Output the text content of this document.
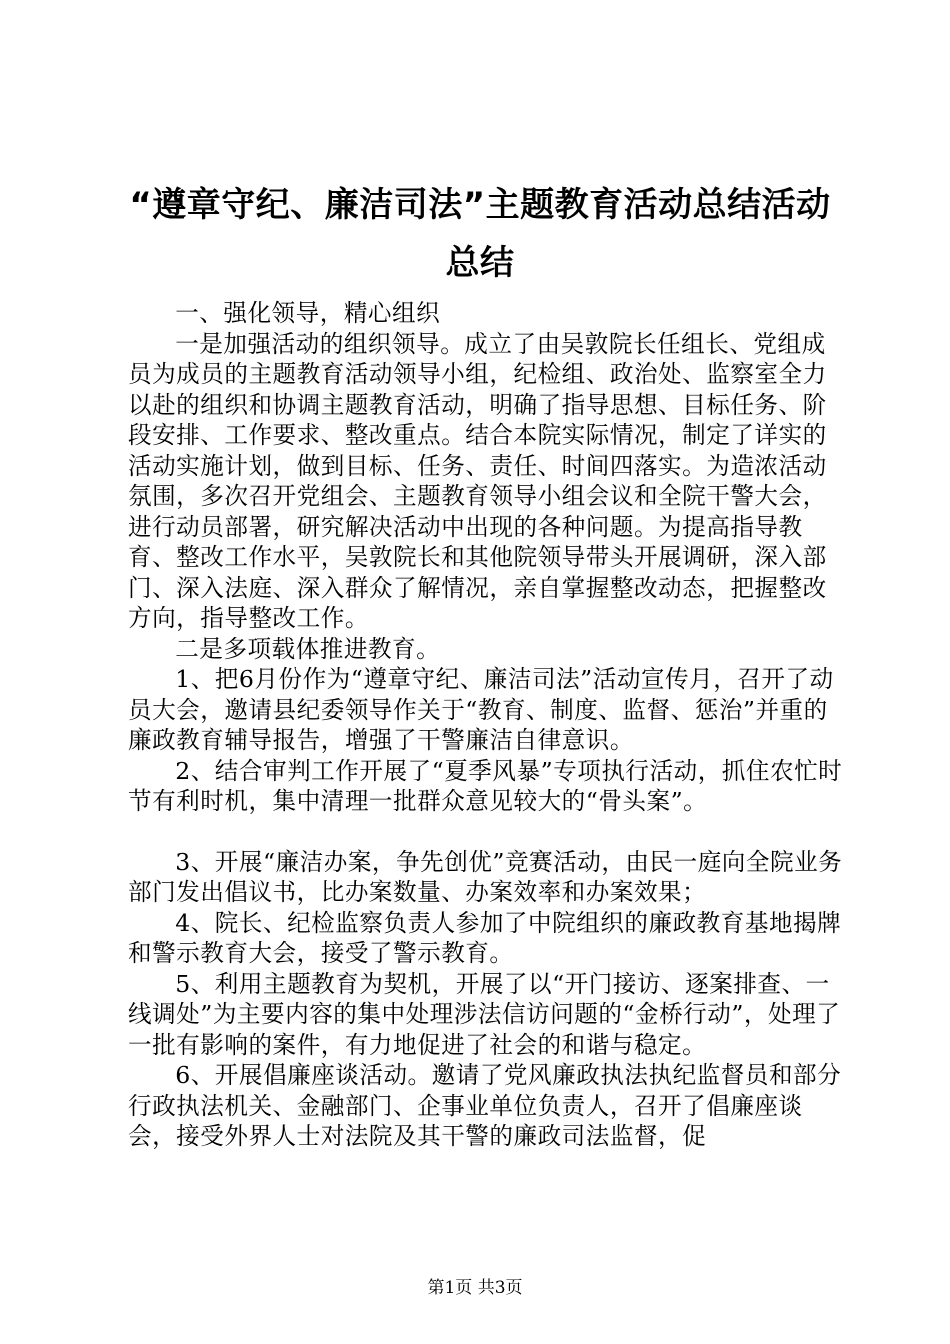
“遵章守纪、廉洁司法”主题教育活动总结活动总结

一、强化领导，精心组织

一是加强活动的组织领导。成立了由吴敦院长任组长、党组成员为成员的主题教育活动领导小组，纪检组、政治处、监察室全力以赴的组织和协调主题教育活动，明确了指导思想、目标任务、阶段安排、工作要求、整改重点。结合本院实际情况，制定了详实的活动实施计划，做到目标、任务、责任、时间四落实。为造浓活动氛围，多次召开党组会、主题教育领导小组会议和全院干警大会，进行动员部署，研究解决活动中出现的各种问题。为提高指导教育、整改工作水平，吴敦院长和其他院领导带头开展调研，深入部门、深入法庭、深入群众了解情况，亲自掌握整改动态，把握整改方向，指导整改工作。

二是多项载体推进教育。

1、把6月份作为“遵章守纪、廉洁司法”活动宣传月，召开了动员大会，邀请县纪委领导作关于“教育、制度、监督、惩治”并重的廉政教育辅导报告，增强了干警廉洁自律意识。

2、结合审判工作开展了“夏季风暴”专项执行活动，抓住农忙时节有利时机，集中清理一批群众意见较大的“骨头案”。

3、开展“廉洁办案，争先创优”竞赛活动，由民一庭向全院业务部门发出倡议书，比办案数量、办案效率和办案效果；

4、院长、纪检监察负责人参加了中院组织的廉政教育基地揭牌和警示教育大会，接受了警示教育。

5、利用主题教育为契机，开展了以“开门接访、逐案排查、一线调处”为主要内容的集中处理涉法信访问题的“金桥行动”，处理了一批有影响的案件，有力地促进了社会的和谐与稳定。

6、开展倡廉座谈活动。邀请了党风廉政执法执纪监督员和部分行政执法机关、金融部门、企事业单位负责人，召开了倡廉座谈会，接受外界人士对法院及其干警的廉政司法监督，促

第1页 共3页
